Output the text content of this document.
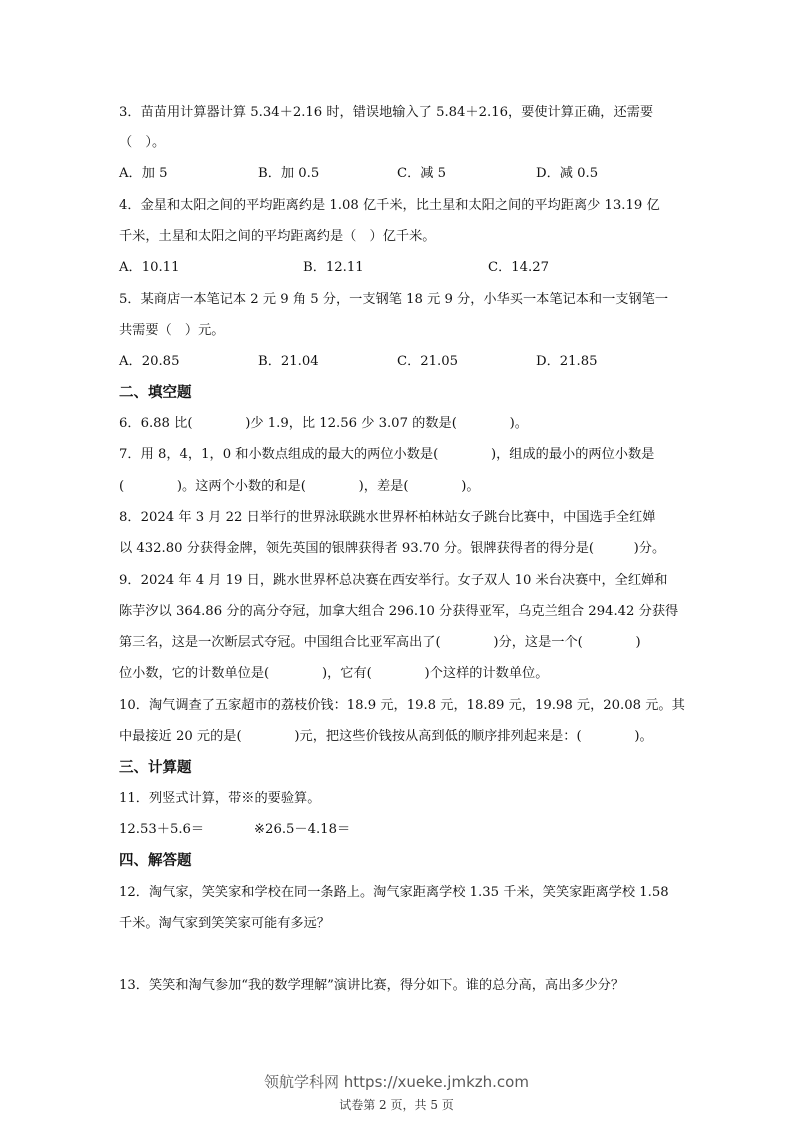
3．苗苗用计算器计算 5.34＋2.16 时，错误地输入了 5.84＋2.16，要使计算正确，还需要
（　）。
A．加 5	B．加 0.5	C．减 5	D．减 0.5
4．金星和太阳之间的平均距离约是 1.08 亿千米，比土星和太阳之间的平均距离少 13.19 亿
千米，土星和太阳之间的平均距离约是（　）亿千米。
A．10.11	B．12.11	C．14.27
5．某商店一本笔记本 2 元 9 角 5 分，一支钢笔 18 元 9 分，小华买一本笔记本和一支钢笔一
共需要（　）元。
A．20.85	B．21.04	C．21.05	D．21.85
二、填空题
6．6.88 比(　　　　)少 1.9，比 12.56 少 3.07 的数是(　　　　)。
7．用 8，4，1，0 和小数点组成的最大的两位小数是(　　　　)，组成的最小的两位小数是
(　　　　)。这两个小数的和是(　　　　)，差是(　　　　)。
8．2024 年 3 月 22 日举行的世界泳联跳水世界杯柏林站女子跳台比赛中，中国选手全红婵
以 432.80 分获得金牌，领先英国的银牌获得者 93.70 分。银牌获得者的得分是(　　　)分。
9．2024 年 4 月 19 日，跳水世界杯总决赛在西安举行。女子双人 10 米台决赛中，全红婵和
陈芋汐以 364.86 分的高分夺冠，加拿大组合 296.10 分获得亚军，乌克兰组合 294.42 分获得
第三名，这是一次断层式夺冠。中国组合比亚军高出了(　　　　)分，这是一个(　　　　)
位小数，它的计数单位是(　　　　)，它有(　　　　)个这样的计数单位。
10．淘气调查了五家超市的荔枝价钱：18.9 元，19.8 元，18.89 元，19.98 元，20.08 元。其
中最接近 20 元的是(　　　　)元，把这些价钱按从高到低的顺序排列起来是：(　　　　)。
三、计算题
11．列竖式计算，带※的要验算。
12.53＋5.6＝	※26.5－4.18＝
四、解答题
12．淘气家，笑笑家和学校在同一条路上。淘气家距离学校 1.35 千米，笑笑家距离学校 1.58
千米。淘气家到笑笑家可能有多远？
13．笑笑和淘气参加“我的数学理解”演讲比赛，得分如下。谁的总分高，高出多少分？
领航学科网 https://xueke.jmkzh.com
试卷第 2 页，共 5 页
